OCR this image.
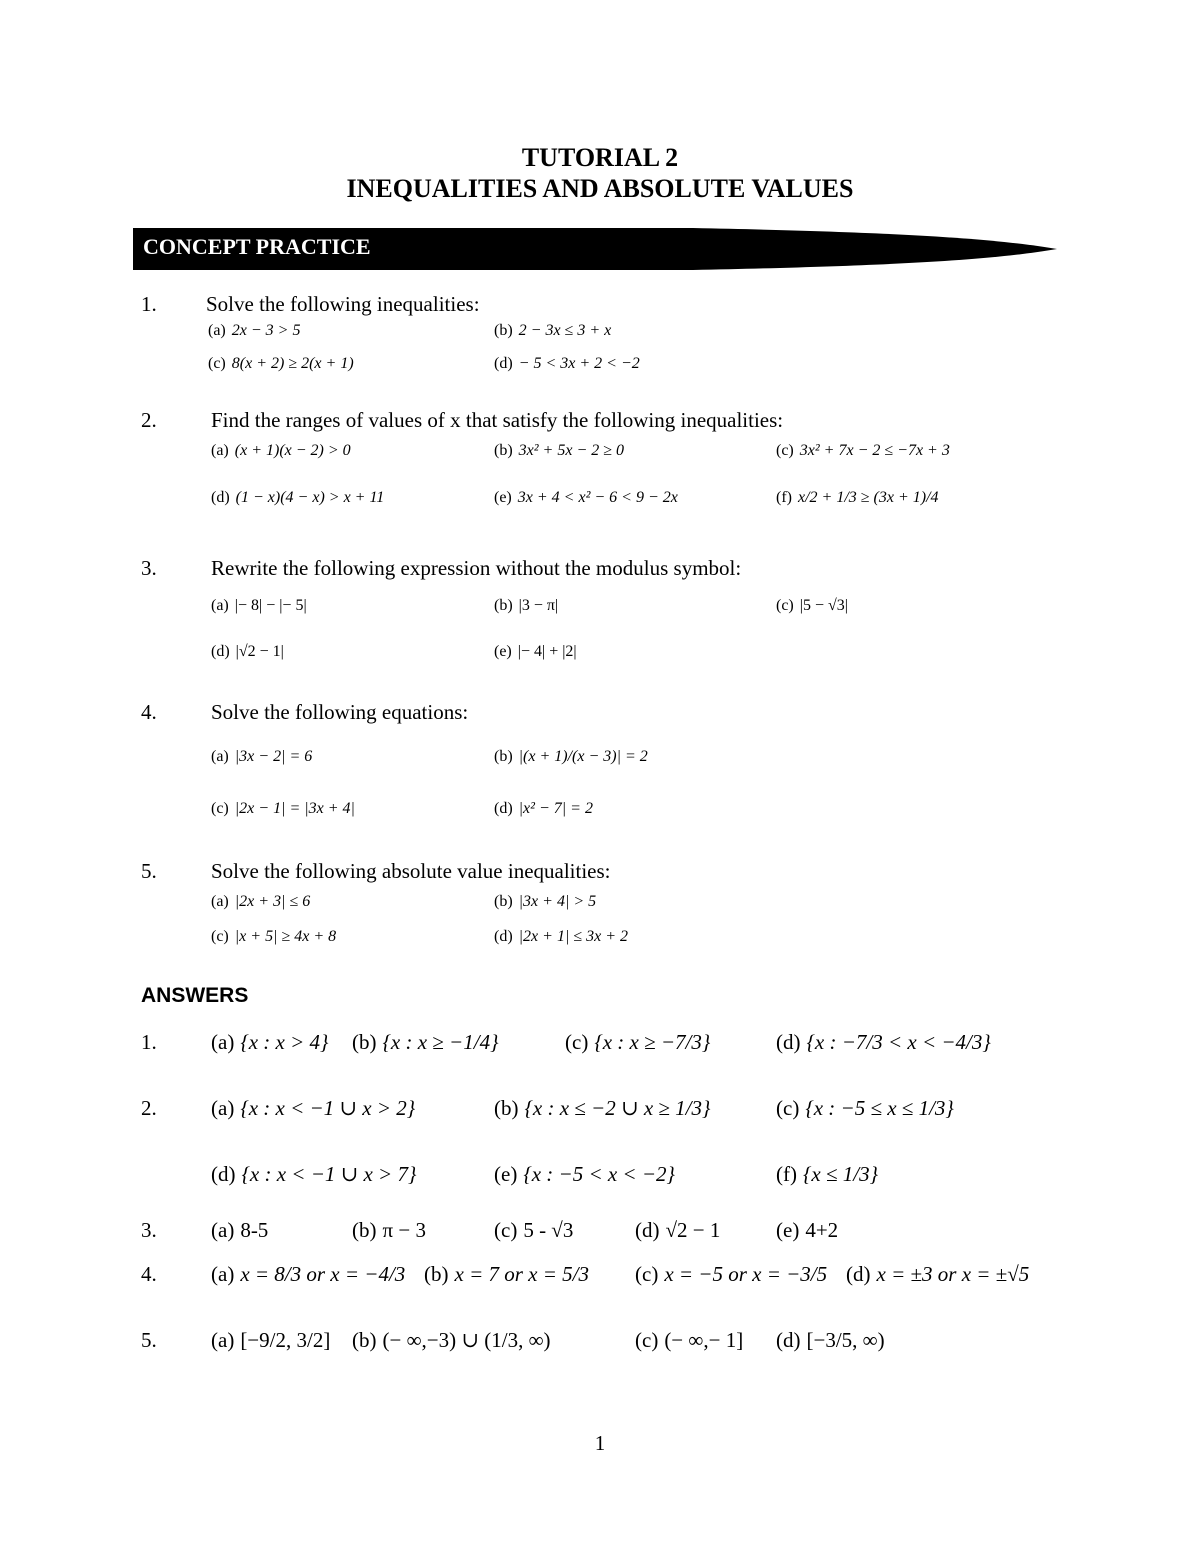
TUTORIAL 2
INEQUALITIES AND ABSOLUTE VALUES
CONCEPT PRACTICE
1. Solve the following inequalities:
(a) 2x − 3 > 5	(b) 2 − 3x ≤ 3 + x
(c) 8(x + 2) ≥ 2(x + 1)	(d) − 5 < 3x + 2 < −2
2.	Find the ranges of values of x that satisfy the following inequalities:
(a) (x + 1)(x − 2) > 0	(b) 3x² + 5x − 2 ≥ 0	(c) 3x² + 7x − 2 ≤ −7x + 3
(d) (1 − x)(4 − x) > x + 11	(e) 3x + 4 < x² − 6 < 9 − 2x	(f) x/2 + 1/3 ≥ (3x + 1)/4
3.	Rewrite the following expression without the modulus symbol:
(a) |− 8| − |− 5|	(b) |3 − π|	(c) |5 − √3|
(d) |√2 − 1|	(e) |− 4| + |2|
4.	Solve the following equations:
(a) |3x − 2| = 6	(b) |(x + 1)/(x − 3)| = 2
(c) |2x − 1| = |3x + 4|	(d) |x² − 7| = 2
5.	Solve the following absolute value inequalities:
(a) |2x + 3| ≤ 6	(b) |3x + 4| > 5
(c) |x + 5| ≥ 4x + 8	(d) |2x + 1| ≤ 3x + 2
ANSWERS
1.	(a) {x : x > 4} (b) {x : x ≥ −1/4}	(c) {x : x ≥ −7/3}	(d) {x : −7/3 < x < −4/3}
2.	(a) {x : x < −1 ∪ x > 2}	(b) {x : x ≤ −2 ∪ x ≥ 1/3}	(c) {x : −5 ≤ x ≤ 1/3}
(d) {x : x < −1 ∪ x > 7}	(e) {x : −5 < x < −2}	(f) {x ≤ 1/3}
3.	(a) 8-5	(b) π − 3	(c) 5 - √3	(d) √2 − 1	(e) 4+2
4.	(a) x = 8/3 or x = −4/3 (b) x = 7 or x = 5/3 (c) x = −5 or x = −3/5 (d) x = ±3 or x = ±√5
5.	(a) [−9/2, 3/2] (b) (− ∞,−3) ∪ (1/3, ∞)	(c) (− ∞,− 1] (d) [−3/5, ∞)
1
